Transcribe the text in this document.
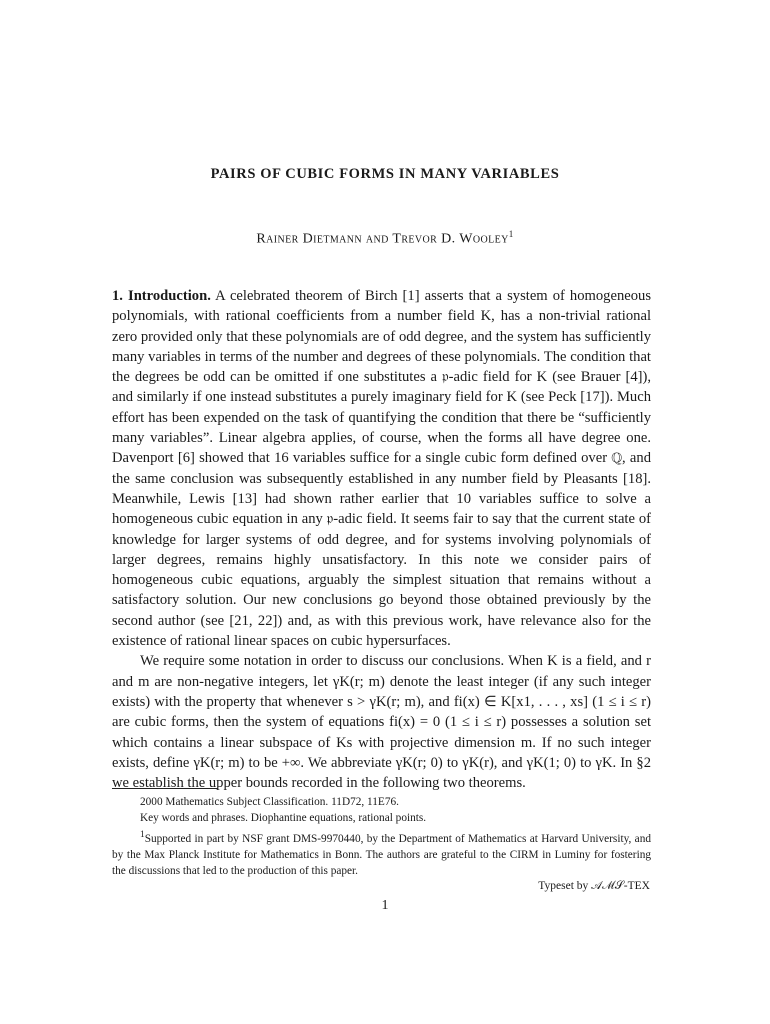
PAIRS OF CUBIC FORMS IN MANY VARIABLES
Rainer Dietmann and Trevor D. Wooley$^1$

1. Introduction. A celebrated theorem of Birch [1] asserts that a system of homogeneous polynomials, with rational coefficients from a number field K, has a non-trivial rational zero provided only that these polynomials are of odd degree, and the system has sufficiently many variables in terms of the number and degrees of these polynomials. The condition that the degrees be odd can be omitted if one substitutes a 𝔭-adic field for K (see Brauer [4]), and similarly if one instead substitutes a purely imaginary field for K (see Peck [17]). Much effort has been expended on the task of quantifying the condition that there be “sufficiently many variables”. Linear algebra applies, of course, when the forms all have degree one. Davenport [6] showed that 16 variables suffice for a single cubic form defined over ℚ, and the same conclusion was subsequently established in any number field by Pleasants [18]. Meanwhile, Lewis [13] had shown rather earlier that 10 variables suffice to solve a homogeneous cubic equation in any 𝔭-adic field. It seems fair to say that the current state of knowledge for larger systems of odd degree, and for systems involving polynomials of larger degrees, remains highly unsatisfactory. In this note we consider pairs of homogeneous cubic equations, arguably the simplest situation that remains without a satisfactory solution. Our new conclusions go beyond those obtained previously by the second author (see [21, 22]) and, as with this previous work, have relevance also for the existence of rational linear spaces on cubic hypersurfaces.

We require some notation in order to discuss our conclusions. When K is a field, and r and m are non-negative integers, let γK(r; m) denote the least integer (if any such integer exists) with the property that whenever s > γK(r; m), and fi(x) ∈ K[x1, . . . , xs] (1 ≤ i ≤ r) are cubic forms, then the system of equations fi(x) = 0 (1 ≤ i ≤ r) possesses a solution set which contains a linear subspace of Ks with projective dimension m. If no such integer exists, define γK(r; m) to be +∞. We abbreviate γK(r; 0) to γK(r), and γK(1; 0) to γK. In §2 we establish the upper bounds recorded in the following two theorems.

2000 Mathematics Subject Classification. 11D72, 11E76.

Key words and phrases. Diophantine equations, rational points.

$^1$Supported in part by NSF grant DMS-9970440, by the Department of Mathematics at Harvard University, and by the Max Planck Institute for Mathematics in Bonn. The authors are grateful to the CIRM in Luminy for fostering the discussions that led to the production of this paper.

Typeset by 𝒜ℳ𝒮-TEX
1
